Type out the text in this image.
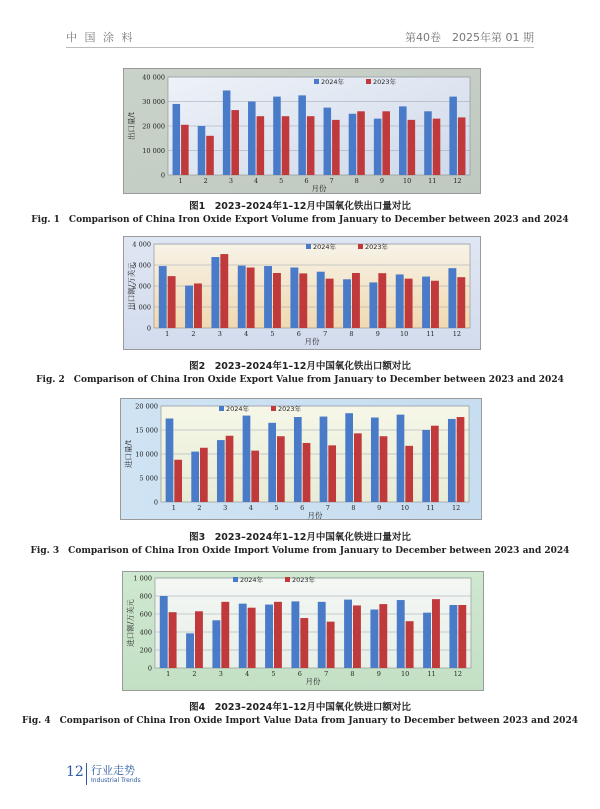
中 国 涂 料	第40卷　2025年第 01 期
0
10 000
20 000
30 000
40 000
1	2	3	4	5	6	7	8	9	10	11	12
月份
出口量/t
2024年	2023年
图1　2023–2024年1–12月中国氧化铁出口量对比
Fig. 1　Comparison of China Iron Oxide Export Volume from January to December between 2023 and 2024
0
1 000
2 000
3 000
4 000
1	2	3	4	5	6	7	8	9	10	11	12
月份
出口额/万美元
2024年	2023年
图2　2023–2024年1–12月中国氧化铁出口额对比
Fig. 2　Comparison of China Iron Oxide Export Value from January to December between 2023 and 2024
0
5 000
10 000
15 000
20 000
1	2	3	4	5	6	7	8	9	10	11	12
月份
进口量/t
2024年	2023年
图3　2023–2024年1–12月中国氧化铁进口量对比
Fig. 3　Comparison of China Iron Oxide Import Volume from January to December between 2023 and 2024
0
200
400
600
800
1 000
1	2	3	4	5	6	7	8	9	10	11	12
月份
进口额/万美元
2024年	2023年
图4　2023–2024年1–12月中国氧化铁进口额对比
Fig. 4　Comparison of China Iron Oxide Import Value Data from January to December between 2023 and 2024
12 行业走势
Industrial Trends
